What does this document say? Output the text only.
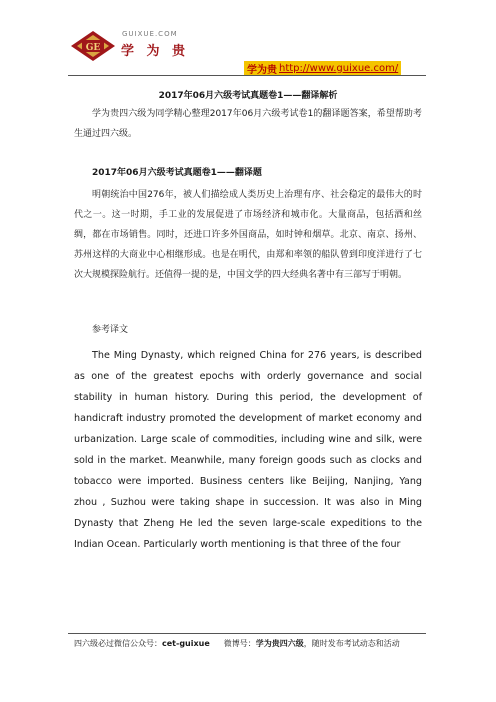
GE
GUIXUE.COM
学 为 贵
学为贵 http://www.guixue.com/
2017年06月六级考试真题卷1——翻译解析

学为贵四六级为同学精心整理2017年06月六级考试卷1的翻译题答案，希望帮助考生通过四六级。

2017年06月六级考试真题卷1——翻译题

明朝统治中国276年，被人们描绘成人类历史上治理有序、社会稳定的最伟大的时代之一。这一时期，手工业的发展促进了市场经济和城市化。大量商品，包括酒和丝绸，都在市场销售。同时，还进口许多外国商品，如时钟和烟草。北京、南京、扬州、苏州这样的大商业中心相继形成。也是在明代，由郑和率领的船队曾到印度洋进行了七次大规模探险航行。还值得一提的是，中国文学的四大经典名著中有三部写于明朝。

参考译文

The Ming Dynasty, which reigned China for 276 years, is described as one of the greatest epochs with orderly governance and social stability in human history. During this period, the development of handicraft industry promoted the development of market economy and urbanization. Large scale of commodities, including wine and silk, were sold in the market. Meanwhile, many foreign goods such as clocks and tobacco were imported. Business centers like Beijing, Nanjing, Yang zhou , Suzhou were taking shape in succession. It was also in Ming Dynasty that Zheng He led the seven large-scale expeditions to the Indian Ocean. Particularly worth mentioning is that three of the four

四六级必过微信公众号：cet-guixue 微博号：学为贵四六级，随时发布考试动态和活动
